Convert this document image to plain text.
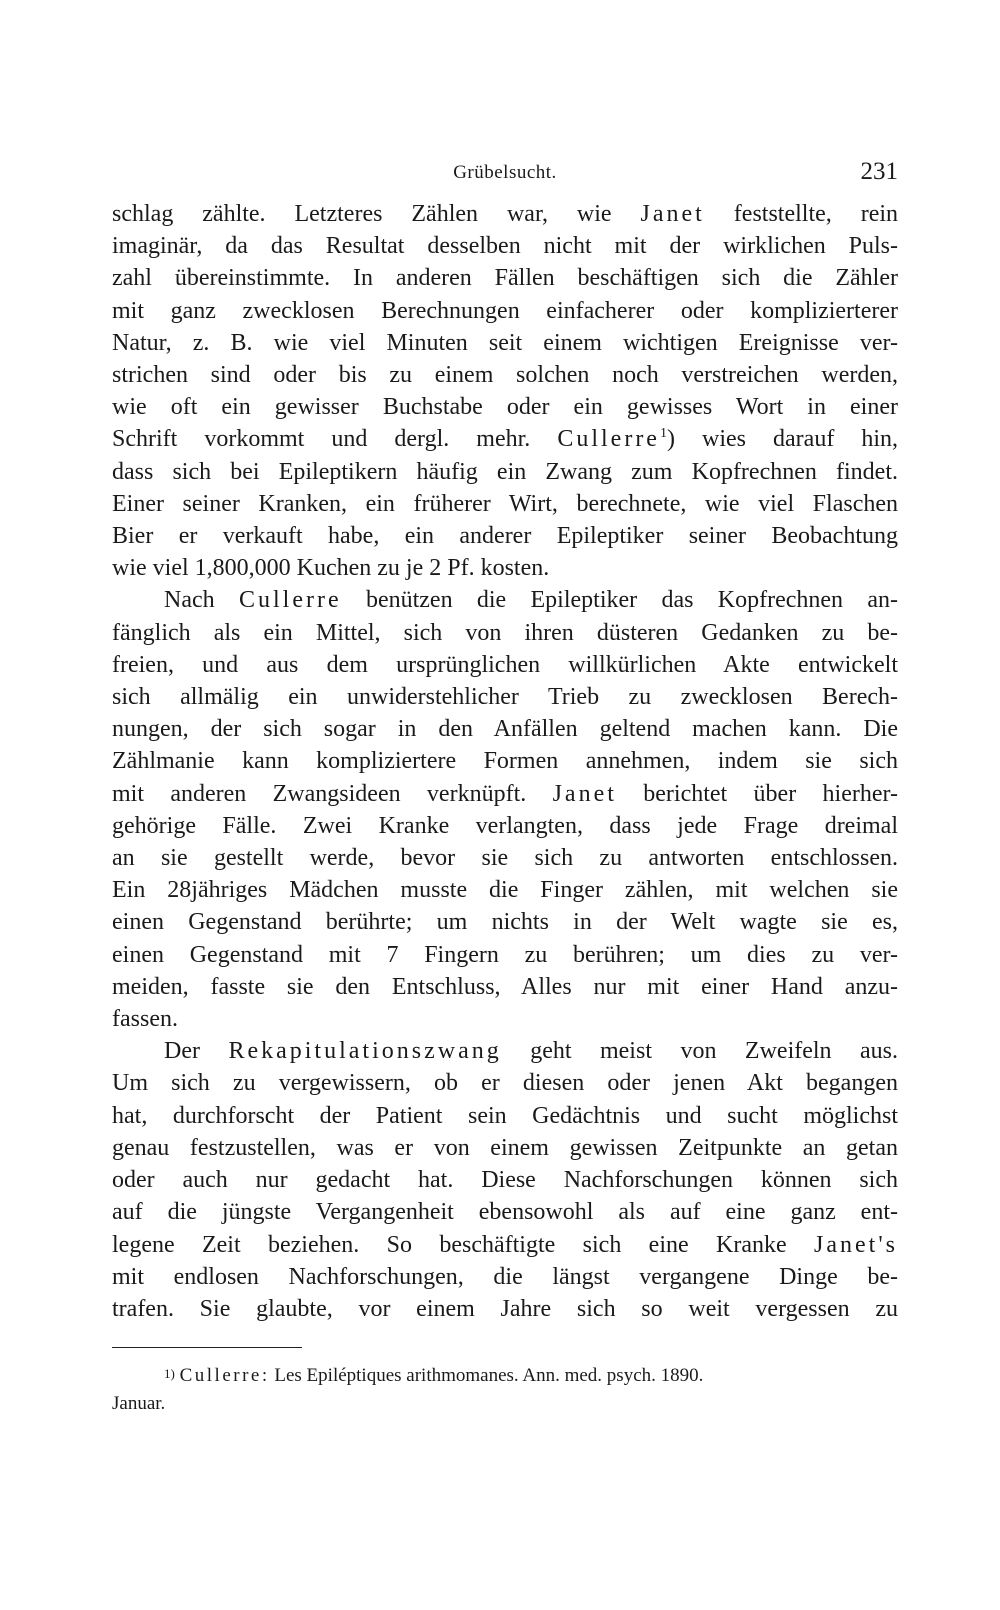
Grübelsucht.	231

schlag zählte. Letzteres Zählen war, wie Janet feststellte, rein
imaginär, da das Resultat desselben nicht mit der wirklichen Puls-
zahl übereinstimmte. In anderen Fällen beschäftigen sich die Zähler
mit ganz zwecklosen Berechnungen einfacherer oder komplizierterer
Natur, z. B. wie viel Minuten seit einem wichtigen Ereignisse ver-
strichen sind oder bis zu einem solchen noch verstreichen werden,
wie oft ein gewisser Buchstabe oder ein gewisses Wort in einer
Schrift vorkommt und dergl. mehr. Cullerre$^1$) wies darauf hin,
dass sich bei Epileptikern häufig ein Zwang zum Kopfrechnen findet.
Einer seiner Kranken, ein früherer Wirt, berechnete, wie viel Flaschen
Bier er verkauft habe, ein anderer Epileptiker seiner Beobachtung
wie viel 1,800,000 Kuchen zu je 2 Pf. kosten.

Nach Cullerre benützen die Epileptiker das Kopfrechnen an-
fänglich als ein Mittel, sich von ihren düsteren Gedanken zu be-
freien, und aus dem ursprünglichen willkürlichen Akte entwickelt
sich allmälig ein unwiderstehlicher Trieb zu zwecklosen Berech-
nungen, der sich sogar in den Anfällen geltend machen kann. Die
Zählmanie kann kompliziertere Formen annehmen, indem sie sich
mit anderen Zwangsideen verknüpft. Janet berichtet über hierher-
gehörige Fälle. Zwei Kranke verlangten, dass jede Frage dreimal
an sie gestellt werde, bevor sie sich zu antworten entschlossen.
Ein 28jähriges Mädchen musste die Finger zählen, mit welchen sie
einen Gegenstand berührte; um nichts in der Welt wagte sie es,
einen Gegenstand mit 7 Fingern zu berühren; um dies zu ver-
meiden, fasste sie den Entschluss, Alles nur mit einer Hand anzu-
fassen.

Der Rekapitulationszwang geht meist von Zweifeln aus.
Um sich zu vergewissern, ob er diesen oder jenen Akt begangen
hat, durchforscht der Patient sein Gedächtnis und sucht möglichst
genau festzustellen, was er von einem gewissen Zeitpunkte an getan
oder auch nur gedacht hat. Diese Nachforschungen können sich
auf die jüngste Vergangenheit ebensowohl als auf eine ganz ent-
legene Zeit beziehen. So beschäftigte sich eine Kranke Janet's
mit endlosen Nachforschungen, die längst vergangene Dinge be-
trafen. Sie glaubte, vor einem Jahre sich so weit vergessen zu

$^{1)}$ Cullerre: Les Epiléptiques arithmomanes. Ann. med. psych. 1890.
Januar.
